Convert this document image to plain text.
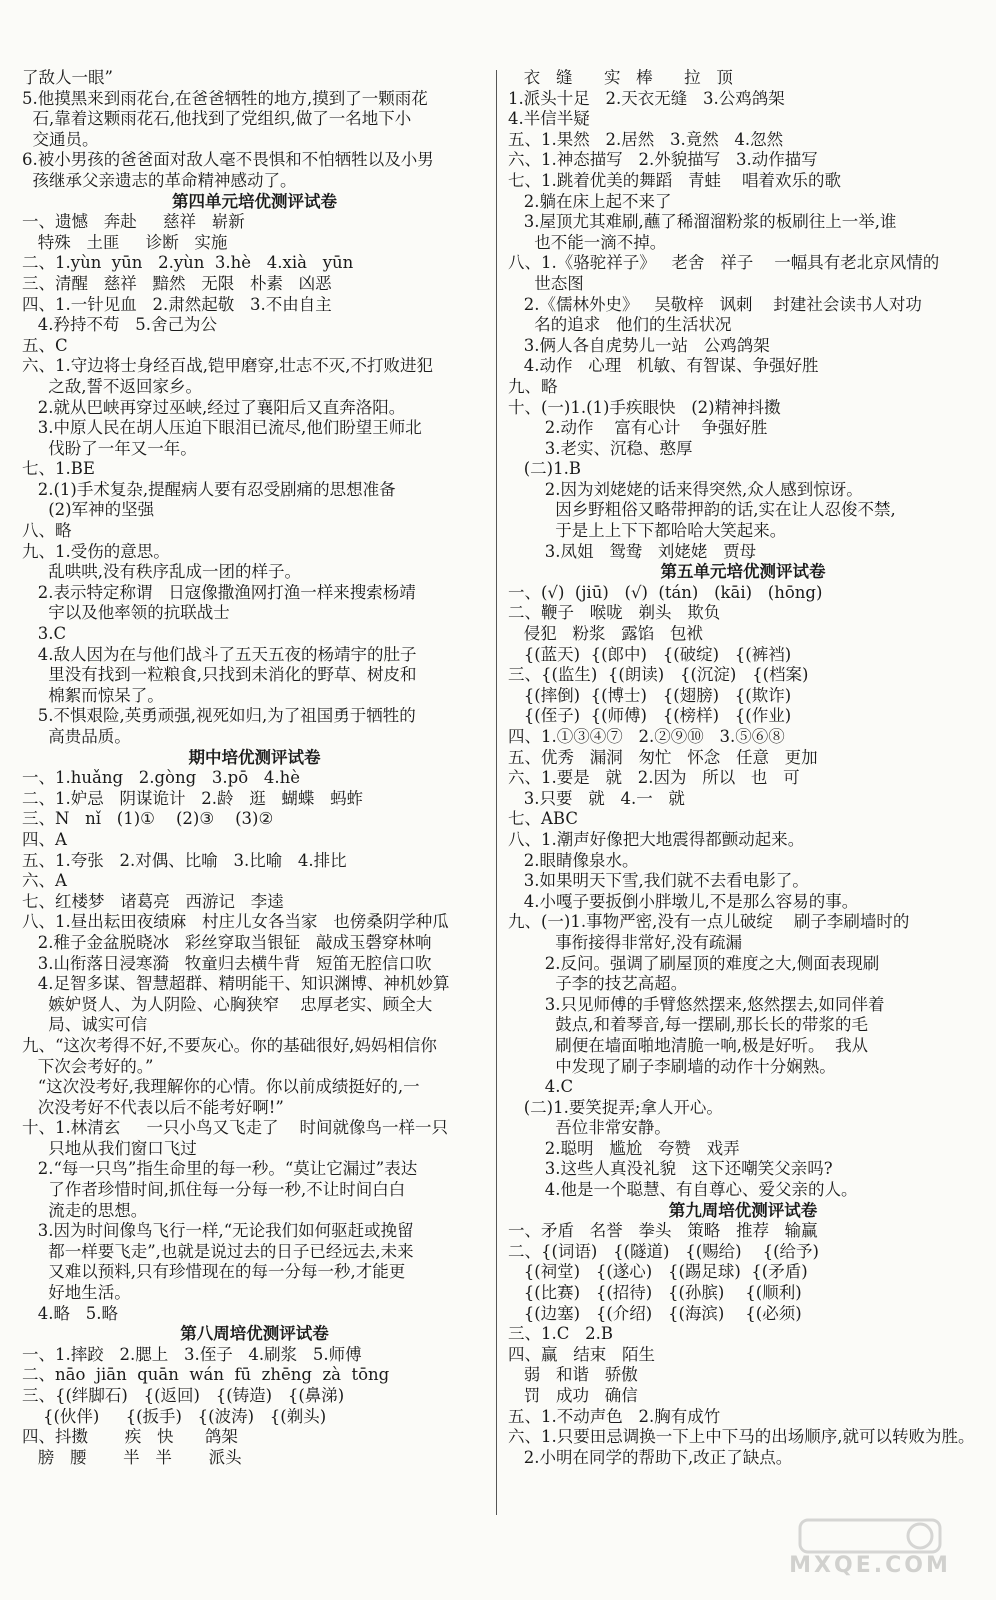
了敌人一眼”
5.他摸黑来到雨花台,在爸爸牺牲的地方,摸到了一颗雨花
石,靠着这颗雨花石,他找到了党组织,做了一名地下小
交通员。
6.被小男孩的爸爸面对敌人毫不畏惧和不怕牺牲以及小男
孩继承父亲遗志的革命精神感动了。
第四单元培优测评试卷
一、遗憾   奔赴     慈祥   崭新
特殊   土匪     诊断   实施
二、1.yùn  yūn   2.yùn  3.hè   4.xià   yūn
三、清醒   慈祥   黯然   无限   朴素   凶恶
四、1.一针见血   2.肃然起敬   3.不由自主
4.矜持不苟   5.舍己为公
五、C
六、1.守边将士身经百战,铠甲磨穿,壮志不灭,不打败进犯
之敌,誓不返回家乡。
2.就从巴峡再穿过巫峡,经过了襄阳后又直奔洛阳。
3.中原人民在胡人压迫下眼泪已流尽,他们盼望王师北
伐盼了一年又一年。
七、1.BE
2.(1)手术复杂,提醒病人要有忍受剧痛的思想准备
(2)军神的坚强
八、略
九、1.受伤的意思。
乱哄哄,没有秩序乱成一团的样子。
2.表示特定称谓   日寇像撒渔网打渔一样来搜索杨靖
宇以及他率领的抗联战士
3.C
4.敌人因为在与他们战斗了五天五夜的杨靖宇的肚子
里没有找到一粒粮食,只找到未消化的野草、树皮和
棉絮而惊呆了。
5.不惧艰险,英勇顽强,视死如归,为了祖国勇于牺牲的
高贵品质。
期中培优测评试卷
一、1.huǎng   2.gòng   3.pō   4.hè
二、1.妒忌   阴谋诡计   2.龄   逛   蝴蝶   蚂蚱
三、N   nǐ   (1)①    (2)③    (3)②
四、A
五、1.夸张   2.对偶、比喻   3.比喻   4.排比
六、A
七、红楼梦   诸葛亮   西游记   李逵
八、1.昼出耘田夜绩麻   村庄儿女各当家   也傍桑阴学种瓜
2.稚子金盆脱晓冰   彩丝穿取当银钲   敲成玉磬穿林响
3.山衔落日浸寒漪   牧童归去横牛背   短笛无腔信口吹
4.足智多谋、智慧超群、精明能干、知识渊博、神机妙算
嫉妒贤人、为人阴险、心胸狭窄    忠厚老实、顾全大
局、诚实可信
九、“这次考得不好,不要灰心。你的基础很好,妈妈相信你
下次会考好的。”
“这次没考好,我理解你的心情。你以前成绩挺好的,一
次没考好不代表以后不能考好啊!”
十、1.林清玄     一只小鸟又飞走了    时间就像鸟一样一只
只地从我们窗口飞过
2.“每一只鸟”指生命里的每一秒。“莫让它漏过”表达
了作者珍惜时间,抓住每一分每一秒,不让时间白白
流走的思想。
3.因为时间像鸟飞行一样,“无论我们如何驱赶或挽留
都一样要飞走”,也就是说过去的日子已经远去,未来
又难以预料,只有珍惜现在的每一分每一秒,才能更
好地生活。
4.略   5.略
第八周培优测评试卷
一、1.摔跤   2.腮上   3.侄子   4.刷浆   5.师傅
二、nāo  jiān  quān  wán  fū  zhēng  zà  tōng
三、{(绊脚石)   {(返回)   {(铸造)   {(鼻涕)
{(伙伴)     {(扳手)   {(波涛)   {(剃头)
四、抖擞       疾   快      鸽架
膀   腰       半   半       派头
衣   缝      实   棒      拉   顶
1.派头十足   2.天衣无缝   3.公鸡鸽架
4.半信半疑
五、1.果然   2.居然   3.竟然   4.忽然
六、1.神态描写   2.外貌描写   3.动作描写
七、1.跳着优美的舞蹈   青蛙    唱着欢乐的歌
2.躺在床上起不来了
3.屋顶尤其难刷,蘸了稀溜溜粉浆的板刷往上一举,谁
也不能一滴不掉。
八、1.《骆驼祥子》   老舍   祥子    一幅具有老北京风情的
世态图
2.《儒林外史》   吴敬梓   讽刺    封建社会读书人对功
名的追求   他们的生活状况
3.俩人各自虎势儿一站   公鸡鸽架
4.动作   心理   机敏、有智谋、争强好胜
九、略
十、(一)1.(1)手疾眼快   (2)精神抖擞
2.动作    富有心计    争强好胜
3.老实、沉稳、憨厚
(二)1.B
2.因为刘姥姥的话来得突然,众人感到惊讶。
因乡野粗俗又略带押韵的话,实在让人忍俊不禁,
于是上上下下都哈哈大笑起来。
3.凤姐   鸳鸯   刘姥姥   贾母
第五单元培优测评试卷
一、(√)  (jiū)   (√)  (tán)   (kāi)   (hōng)
二、鞭子   喉咙   剃头   欺负
侵犯   粉浆   露馅   包袱
{(蓝天)  {(郎中)   {(破绽)   {(裤裆)
三、{(监生)  {(朗读)   {(沉淀)   {(档案)
{(摔倒)  {(博士)   {(翅膀)   {(欺诈)
{(侄子)  {(师傅)   {(榜样)   {(作业)
四、1.①③④⑦   2.②⑨⑩   3.⑤⑥⑧
五、优秀   漏洞   匆忙   怀念   任意   更加
六、1.要是   就   2.因为   所以   也   可
3.只要   就   4.一   就
七、ABC
八、1.潮声好像把大地震得都颤动起来。
2.眼睛像泉水。
3.如果明天下雪,我们就不去看电影了。
4.小嘎子要扳倒小胖墩儿,不是那么容易的事。
九、(一)1.事物严密,没有一点儿破绽    刷子李刷墙时的
事衔接得非常好,没有疏漏
2.反问。强调了刷屋顶的难度之大,侧面表现刷
子李的技艺高超。
3.只见师傅的手臂悠然摆来,悠然摆去,如同伴着
鼓点,和着琴音,每一摆刷,那长长的带浆的毛
刷便在墙面啪地清脆一响,极是好听。  我从
中发现了刷子李刷墙的动作十分娴熟。
4.C
(二)1.要笑捉弄;拿人开心。
吾位非常安静。
2.聪明   尴尬   夸赞   戏弄
3.这些人真没礼貌   这下还嘲笑父亲吗?
4.他是一个聪慧、有自尊心、爱父亲的人。
第九周培优测评试卷
一、矛盾   名誉   拳头   策略   推荐   输赢
二、{(词语)   {(隧道)   {(赐给)    {(给予)
{(祠堂)   {(遂心)   {(踢足球)  {(矛盾)
{(比赛)   {(招待)   {(孙膑)    {(顺利)
{(边塞)   {(介绍)   {(海滨)    {(必须)
三、1.C   2.B
四、赢   结束   陌生
弱   和谐   骄傲
罚   成功   确信
五、1.不动声色   2.胸有成竹
六、1.只要田忌调换一下上中下马的出场顺序,就可以转败为胜。
2.小明在同学的帮助下,改正了缺点。
MXQE.COM
